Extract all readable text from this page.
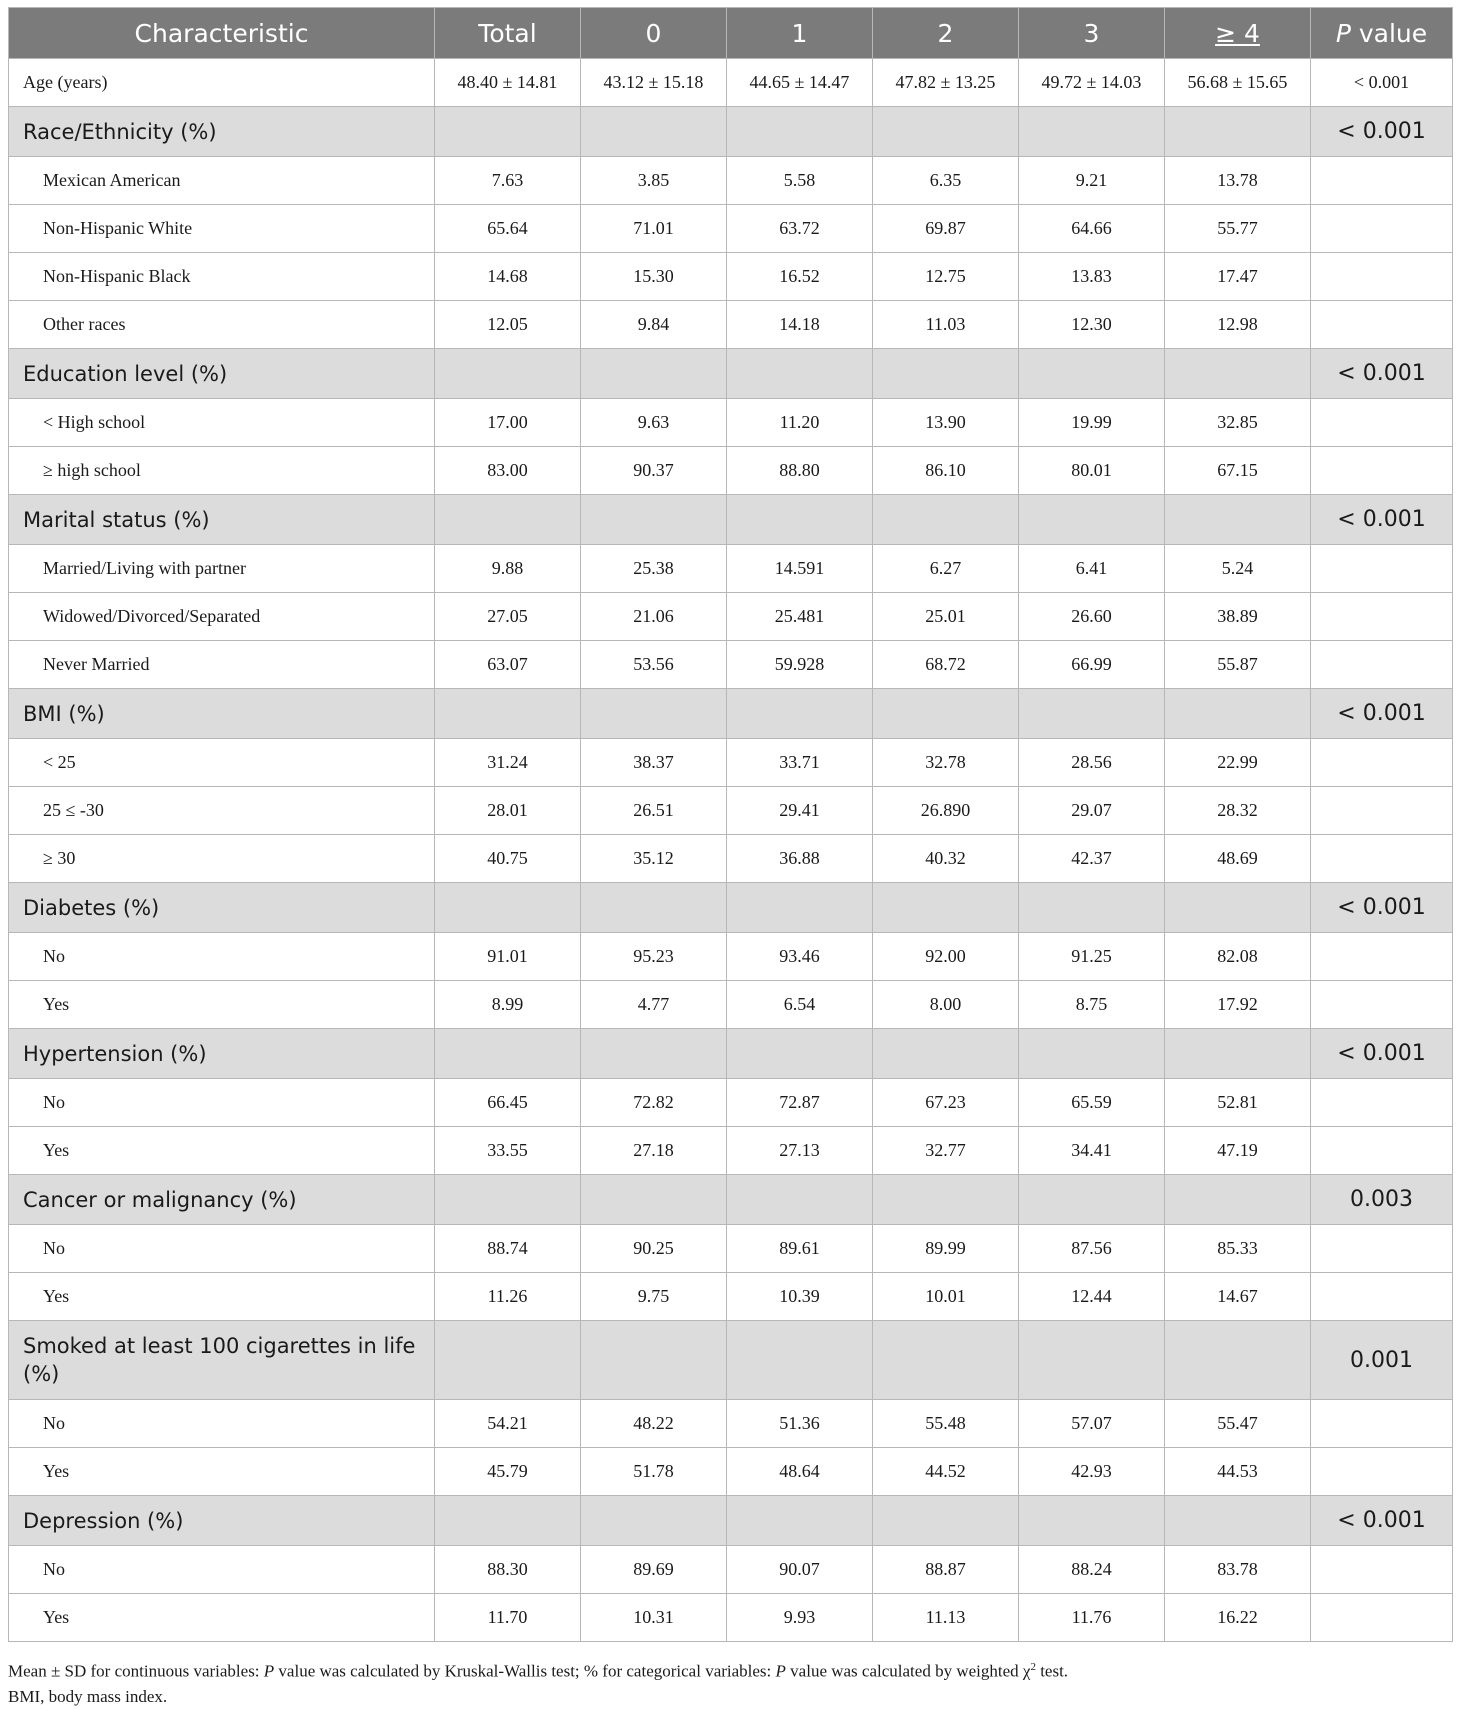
Characteristic	Total	0	1	2	3	≥ 4	P value
Age (years)	48.40 ± 14.81	43.12 ± 15.18	44.65 ± 14.47	47.82 ± 13.25	49.72 ± 14.03	56.68 ± 15.65	< 0.001
Race/Ethnicity (%)							< 0.001
Mexican American	7.63	3.85	5.58	6.35	9.21	13.78	
Non-Hispanic White	65.64	71.01	63.72	69.87	64.66	55.77	
Non-Hispanic Black	14.68	15.30	16.52	12.75	13.83	17.47	
Other races	12.05	9.84	14.18	11.03	12.30	12.98	
Education level (%)							< 0.001
< High school	17.00	9.63	11.20	13.90	19.99	32.85	
≥ high school	83.00	90.37	88.80	86.10	80.01	67.15	
Marital status (%)							< 0.001
Married/Living with partner	9.88	25.38	14.591	6.27	6.41	5.24	
Widowed/Divorced/Separated	27.05	21.06	25.481	25.01	26.60	38.89	
Never Married	63.07	53.56	59.928	68.72	66.99	55.87	
BMI (%)							< 0.001
< 25	31.24	38.37	33.71	32.78	28.56	22.99	
25 ≤ -30	28.01	26.51	29.41	26.890	29.07	28.32	
≥ 30	40.75	35.12	36.88	40.32	42.37	48.69	
Diabetes (%)							< 0.001
No	91.01	95.23	93.46	92.00	91.25	82.08	
Yes	8.99	4.77	6.54	8.00	8.75	17.92	
Hypertension (%)							< 0.001
No	66.45	72.82	72.87	67.23	65.59	52.81	
Yes	33.55	27.18	27.13	32.77	34.41	47.19	
Cancer or malignancy (%)							0.003
No	88.74	90.25	89.61	89.99	87.56	85.33	
Yes	11.26	9.75	10.39	10.01	12.44	14.67	
Smoked at least 100 cigarettes in life (%)							0.001
No	54.21	48.22	51.36	55.48	57.07	55.47	
Yes	45.79	51.78	48.64	44.52	42.93	44.53	
Depression (%)							< 0.001
No	88.30	89.69	90.07	88.87	88.24	83.78	
Yes	11.70	10.31	9.93	11.13	11.76	16.22	

Mean ± SD for continuous variables: P value was calculated by Kruskal-Wallis test; % for categorical variables: P value was calculated by weighted $\chi^2$ test.

BMI, body mass index.
